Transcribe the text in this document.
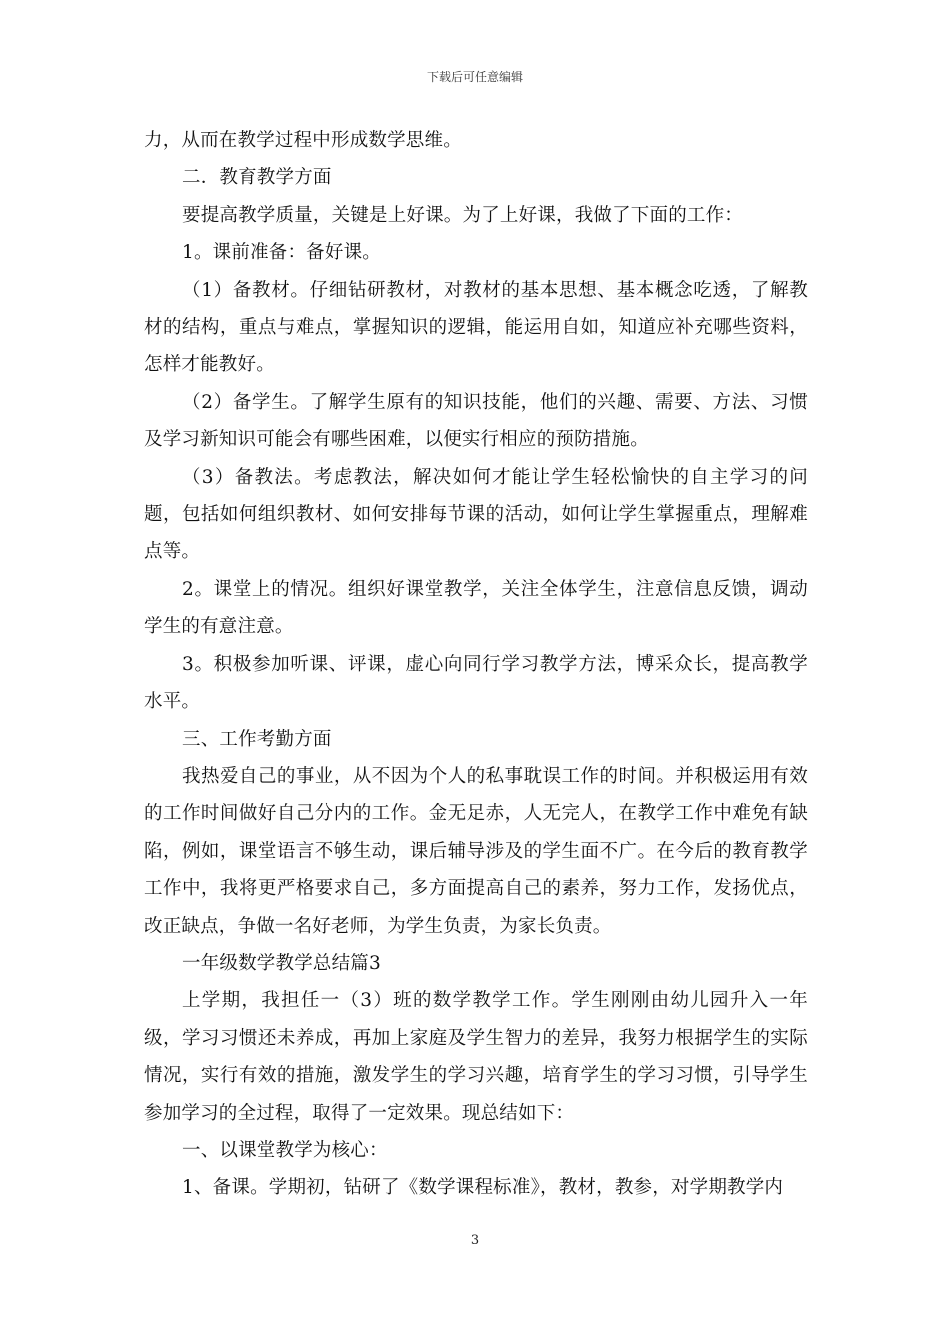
下载后可任意编辑

力，从而在教学过程中形成数学思维。

二．教育教学方面

要提高教学质量，关键是上好课。为了上好课，我做了下面的工作：

1。课前准备：备好课。

（1）备教材。仔细钻研教材，对教材的基本思想、基本概念吃透，了解教材的结构，重点与难点，掌握知识的逻辑，能运用自如，知道应补充哪些资料，怎样才能教好。

（2）备学生。了解学生原有的知识技能，他们的兴趣、需要、方法、习惯及学习新知识可能会有哪些困难，以便实行相应的预防措施。

（3）备教法。考虑教法，解决如何才能让学生轻松愉快的自主学习的问题，包括如何组织教材、如何安排每节课的活动，如何让学生掌握重点，理解难点等。

2。课堂上的情况。组织好课堂教学，关注全体学生，注意信息反馈，调动学生的有意注意。

3。积极参加听课、评课，虚心向同行学习教学方法，博采众长，提高教学水平。

三、工作考勤方面

我热爱自己的事业，从不因为个人的私事耽误工作的时间。并积极运用有效的工作时间做好自己分内的工作。金无足赤，人无完人，在教学工作中难免有缺陷，例如，课堂语言不够生动，课后辅导涉及的学生面不广。在今后的教育教学工作中，我将更严格要求自己，多方面提高自己的素养，努力工作，发扬优点，改正缺点，争做一名好老师，为学生负责，为家长负责。

一年级数学教学总结篇3

上学期，我担任一（3）班的数学教学工作。学生刚刚由幼儿园升入一年级，学习习惯还未养成，再加上家庭及学生智力的差异，我努力根据学生的实际情况，实行有效的措施，激发学生的学习兴趣，培育学生的学习习惯，引导学生参加学习的全过程，取得了一定效果。现总结如下：

一、以课堂教学为核心：

1、备课。学期初，钻研了《数学课程标准》，教材，教参，对学期教学内

3
